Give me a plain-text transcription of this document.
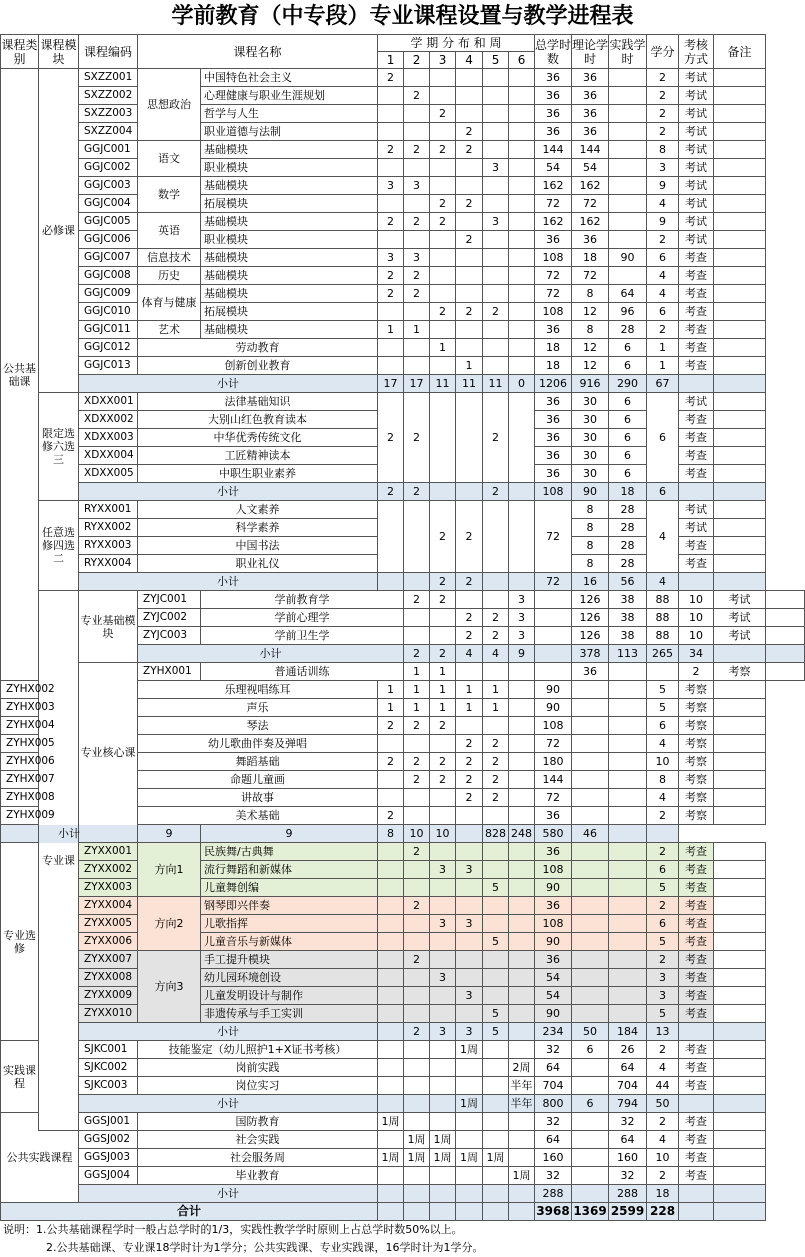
学前教育（中专段）专业课程设置与教学进程表
课程类别	课程模块	课程编码	课程名称		学 期 分 布 和 周						总学时数	理论学时	实践学时	学分	考核方式	备注	
					1	2	3	4	5	6							
公共基础课	必修课	SXZZ001	思想政治	中国特色社会主义	2						36	36		2	考试		
		SXZZ002		心理健康与职业生涯规划		2					36	36		2	考试		
		SXZZ003		哲学与人生			2				36	36		2	考试		
		SXZZ004		职业道德与法制				2			36	36		2	考试		
		GGJC001	语文	基础模块	2	2	2	2			144	144		8	考试		
		GGJC002		职业模块					3		54	54		3	考试		
		GGJC003	数学	基础模块	3	3					162	162		9	考试		
		GGJC004		拓展模块			2	2			72	72		4	考试		
		GGJC005	英语	基础模块	2	2	2		3		162	162		9	考试		
		GGJC006		职业模块				2			36	36		2	考试		
		GGJC007	信息技术	基础模块	3	3					108	18	90	6	考查		
		GGJC008	历史	基础模块	2	2					72	72		4	考查		
		GGJC009	体育与健康	基础模块	2	2					72	8	64	4	考查		
		GGJC010		拓展模块			2	2	2		108	12	96	6	考查		
		GGJC011	艺术	基础模块	1	1					36	8	28	2	考查		
		GGJC012	劳动教育				1				18	12	6	1	考查		
		GGJC013	创新创业教育					1			18	12	6	1	考查		
		小计			17	17	11	11	11	0	1206	916	290	67			
	限定选修六选三	XDXX001	法律基础知识		2	2			2		36	30	6	6	考试		
		XDXX002	大别山红色教育读本								36	30	6		考查		
		XDXX003	中华优秀传统文化								36	30	6		考查		
		XDXX004	工匠精神读本								36	30	6		考查		
		XDXX005	中职生职业素养								36	30	6		考查		
		小计			2	2			2		108	90	18	6			
	任意选修四选二	RYXX001	人文素养				2	2			72	8	28	4	考试		
		RYXX002	科学素养									8	28		考试		
		RYXX003	中国书法									8	28		考查		
		RYXX004	职业礼仪									8	28		考查		
		小计					2	2			72	16	56	4			
	专业课	专业基础模块	ZYJC001	学前教育学		2	2			3		126	38	88	10	考试	
			ZYJC002	学前心理学				2	2	3		126	38	88	10	考试	
			ZYJC003	学前卫生学				2	2	3		126	38	88	10	考试	
			小计			2	2	4	4	9		378	113	265	34		
		专业核心课	ZYHX001	普通话训练		1	1					36			2	考察	
ZYHX002			乐理视唱练耳		1	1	1	1	1		90			5	考察		
ZYHX003			声乐		1	1	1	1	1		90			5	考察		
ZYHX004			琴法		2	2	2				108			6	考察		
ZYHX005			幼儿歌曲伴奏及弹唱					2	2		72			4	考察		
ZYHX006			舞蹈基础		2	2	2	2	2		180			10	考察		
ZYHX007			命题儿童画			2	2	2	2		144			8	考察		
ZYHX008			讲故事					2	2		72			4	考察		
ZYHX009			美术基础		2						36			2	考察		
小计			9	9	8	10	10		828	248	580	46					
专业选修		ZYXX001	方向1	民族舞/古典舞		2					36			2	考查		
		ZYXX002		流行舞蹈和新媒体			3	3			108			6	考查		
		ZYXX003		儿童舞创编					5		90			5	考查		
		ZYXX004	方向2	钢琴即兴伴奏		2					36			2	考查		
		ZYXX005		儿歌指挥			3	3			108			6	考查		
		ZYXX006		儿童音乐与新媒体					5		90			5	考查		
		ZYXX007	方向3	手工提升模块		2					36			2	考查		
		ZYXX008		幼儿园环境创设			3				54			3	考查		
		ZYXX009		儿童发明设计与制作				3			54			3	考查		
		ZYXX010		非遗传承与手工实训					5		90			5	考查		
		小计				2	3	3	5		234	50	184	13			
实践课程		SJKC001	技能鉴定（幼儿照护1+X证书考核）					1周			32	6	26	2	考查		
		SJKC002	岗前实践							2周	64		64	4	考查		
		SJKC003	岗位实习							半年	704		704	44	考查		
		小计						1周		半年	800	6	794	50			
公共实践课程		GGSJ001	国防教育		1周						32		32	2	考查		
		GGSJ002	社会实践			1周	1周				64		64	4	考查		
		GGSJ003	社会服务周		1周	1周	1周	1周	1周		160		160	10	考查		
		GGSJ004	毕业教育							1周	32		32	2	考查		
		小计									288		288	18			
合计											3968	1369	2599	228			
说明：1.公共基础课程学时一般占总学时的1/3，实践性教学学时原则上占总学时数50%以上。
2.公共基础课、专业课18学时计为1学分；公共实践课、专业实践课，16学时计为1学分。
